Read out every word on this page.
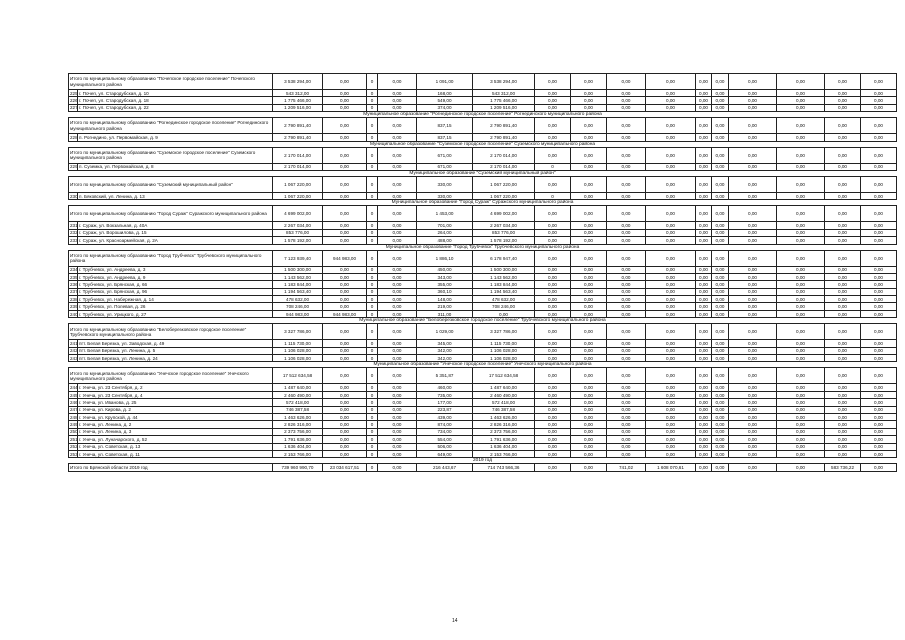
Итого по муниципальному образованию "Почепское городское поселение" Почепского муниципального района		3 538 294,00	0,00	0	0,00	1 091,00	3 538 294,00	0,00	0,00	0,00	0,00	0,00	0,00	0,00	0,00	0,00	0,00
225	г. Почеп, ул. Стародубская, д. 10	543 312,00	0,00	0	0,00	168,00	543 312,00	0,00	0,00	0,00	0,00	0,00	0,00	0,00	0,00	0,00	0,00
226	г. Почеп, ул. Стародубская, д. 18	1 775 466,00	0,00	0	0,00	549,00	1 775 466,00	0,00	0,00	0,00	0,00	0,00	0,00	0,00	0,00	0,00	0,00
227	г. Почеп, ул. Стародубская, д. 22	1 209 516,00	0,00	0	0,00	374,00	1 209 516,00	0,00	0,00	0,00	0,00	0,00	0,00	0,00	0,00	0,00	0,00
Муниципальное образование "Рогнединское городское поселение" Рогнединского муниципального района																	
Итого по муниципальному образованию "Рогнединское городское поселение" Рогнединского муниципального района		2 790 891,40	0,00	0	0,00	837,15	2 790 891,40	0,00	0,00	0,00	0,00	0,00	0,00	0,00	0,00	0,00	0,00
228	п. Рогнедино, ул. Первомайская, д. 9	2 790 891,40	0,00	0	0,00	837,15	2 790 891,40	0,00	0,00	0,00	0,00	0,00	0,00	0,00	0,00	0,00	0,00
Муниципальное образование "Суземское городское поселение" Суземского муниципального района																	
Итого по муниципальному образованию "Суземское городское поселение" Суземского муниципального района		2 170 014,00	0,00	0	0,00	671,00	2 170 014,00	0,00	0,00	0,00	0,00	0,00	0,00	0,00	0,00	0,00	0,00
229	п. Суземка, ул. Первомайская, д. 8	2 170 014,00	0,00	0	0,00	671,00	2 170 014,00	0	0,00	0,00	0,00	0,00	0,00	0,00	0,00	0,00	0,00
Муниципальное образование "Суземский муниципальный район"																	
Итого по муниципальному образованию "Суземский муниципальный район"		1 067 220,00	0,00	0	0,00	330,00	1 067 220,00	0,00	0,00	0,00	0,00	0,00	0,00	0,00	0,00	0,00	0,00
230	п. Бяковский, ул. Ленина, д. 13	1 067 220,00	0,00	0	0,00	330,00	1 067 220,00	0	0,00	0,00	0,00	0,00	0,00	0,00	0,00	0,00	0,00
Муниципальное образование "Город Сураж" Суражского муниципального района																	
Итого по муниципальному образованию "Город Сураж" Суражского муниципального района		4 699 002,00	0,00	0	0,00	1 453,00	4 699 002,00	0,00	0,00	0,00	0,00	0,00	0,00	0,00	0,00	0,00	0,00
231	г. Сураж, ул. Вокзальная, д. 40А	2 267 034,00	0,00	0	0,00	701,00	2 267 034,00	0,00	0,00	0,00	0,00	0,00	0,00	0,00	0,00	0,00	0,00
232	г. Сураж, ул. Ворошилова, д. 15	853 776,00	0,00	0	0,00	264,00	853 776,00	0,00	0,00	0,00	0,00	0,00	0,00	0,00	0,00	0,00	0,00
233	г. Сураж, ул. Красноармейская, д. 2А	1 578 192,00	0,00	0	0,00	488,00	1 578 192,00	0,00	0,00	0,00	0,00	0,00	0,00	0,00	0,00	0,00	0,00
Муниципальное образование "Город Трубчевск" Трубчевского муниципального района																	
Итого по муниципальному образованию "Город Трубчевск" Трубчевского муниципального района		7 123 939,40	944 983,00	0	0,00	1 886,10	6 178 947,40	0,00	0,00	0,00	0,00	0,00	0,00	0,00	0,00	0,00	0,00
234	г. Трубчевск, ул. Андреева, д. 3	1 500 300,00	0,00	0	0,00	450,00	1 500 300,00	0,00	0,00	0,00	0,00	0,00	0,00	0,00	0,00	0,00	0,00
235	г. Трубчевск, ул. Андреева, д. 9	1 143 562,00	0,00	0	0,00	343,00	1 143 562,00	0,00	0,00	0,00	0,00	0,00	0,00	0,00	0,00	0,00	0,00
236	г. Трубчевск, ул. Брянская, д. 66	1 183 844,00	0,00	0	0,00	355,00	1 183 844,00	0,00	0,00	0,00	0,00	0,00	0,00	0,00	0,00	0,00	0,00
237	г. Трубчевск, ул. Брянская, д. 96	1 194 563,40	0,00	0	0,00	360,10	1 194 563,40	0,00	0,00	0,00	0,00	0,00	0,00	0,00	0,00	0,00	0,00
238	г. Трубчевск, ул. Набережная, д. 14	478 632,00	0,00	0	0,00	148,00	478 632,00	0,00	0,00	0,00	0,00	0,00	0,00	0,00	0,00	0,00	0,00
239	г. Трубчевск, ул. Полевая, д. 26	708 246,00	0,00	0	0,00	219,00	708 246,00	0,00	0,00	0,00	0,00	0,00	0,00	0,00	0,00	0,00	0,00
240	г. Трубчевск, ул. Урицкого, д. 27	944 983,00	944 983,00	0	0,00	311,00	0,00	0,00	0,00	0,00	0,00	0,00	0,00	0,00	0,00	0,00	0,00
Муниципальное образование "Белоберезковское городское поселение" Трубчевского муниципального района																	
Итого по муниципальному образованию "Белоберезковское городское поселение" Трубчевского муниципального района		3 327 786,00	0,00	0	0,00	1 029,00	3 327 786,00	0,00	0,00	0,00	0,00	0,00	0,00	0,00	0,00	0,00	0,00
241	пгт. Белая Березка, ул. Заводская, д. 49	1 115 730,00	0,00	0	0,00	345,00	1 115 730,00	0,00	0,00	0,00	0,00	0,00	0,00	0,00	0,00	0,00	0,00
242	пгт. Белая Березка, ул. Ленина, д. 5	1 106 028,00	0,00	0	0,00	342,00	1 106 028,00	0,00	0,00	0,00	0,00	0,00	0,00	0,00	0,00	0,00	0,00
243	пгт. Белая Березка, ул. Ленина, д. 24	1 106 028,00	0,00	0	0,00	342,00	1 106 028,00	0,00	0,00	0,00	0,00	0,00	0,00	0,00	0,00	0,00	0,00
Муниципальное образование "Унечское городское поселение" Унечского муниципального района																	
Итого по муниципальному образованию "Унечское городское поселение" Унечского муниципального района		17 512 634,58	0,00	0	0,00	5 351,87	17 512 634,58	0,00	0,00	0,00	0,00	0,00	0,00	0,00	0,00	0,00	0,00
244	г. Унеча, ул. 23 Сентября, д. 2	1 487 640,00	0,00	0	0,00	460,00	1 487 640,00	0,00	0,00	0,00	0,00	0,00	0,00	0,00	0,00	0,00	0,00
245	г. Унеча, ул. 23 Сентября, д. 4	2 460 490,00	0,00	0	0,00	735,00	2 460 490,00	0,00	0,00	0,00	0,00	0,00	0,00	0,00	0,00	0,00	0,00
246	г. Унеча, ул. Иванова, д. 25	572 418,00	0,00	0	0,00	177,00	572 418,00	0,00	0,00	0,00	0,00	0,00	0,00	0,00	0,00	0,00	0,00
247	г. Унеча, ул. Кирова, д. 2	746 387,58	0,00	0	0,00	223,87	746 387,58	0,00	0,00	0,00	0,00	0,00	0,00	0,00	0,00	0,00	0,00
248	г. Унеча, ул. Крупской, д. 44	1 463 626,00	0,00	0	0,00	439,00	1 463 626,00	0,00	0,00	0,00	0,00	0,00	0,00	0,00	0,00	0,00	0,00
249	г. Унеча, ул. Ленина, д. 2	2 826 316,00	0,00	0	0,00	874,00	2 826 316,00	0,00	0,00	0,00	0,00	0,00	0,00	0,00	0,00	0,00	0,00
250	г. Унеча, ул. Ленина, д. 3	2 373 756,00	0,00	0	0,00	734,00	2 373 756,00	0,00	0,00	0,00	0,00	0,00	0,00	0,00	0,00	0,00	0,00
251	г. Унеча, ул. Луначарского, д. 52	1 791 636,00	0,00	0	0,00	554,00	1 791 636,00	0,00	0,00	0,00	0,00	0,00	0,00	0,00	0,00	0,00	0,00
252	г. Унеча, ул. Советская, д. 13	1 636 404,00	0,00	0	0,00	506,00	1 636 404,00	0,00	0,00	0,00	0,00	0,00	0,00	0,00	0,00	0,00	0,00
253	г. Унеча, ул. Советская, д. 11	2 153 766,00	0,00	0	0,00	649,00	2 153 766,00	0,00	0,00	0,00	0,00	0,00	0,00	0,00	0,00	0,00	0,00
2019 год																	
Итого по Брянской области 2019 год		739 960 990,70	23 034 617,51	0	0,00	216 443,67	714 743 566,36	0,00	0,00	741,02	1 608 070,61	0,00	0,00	0,00	0,00	583 736,22	0,00
14
